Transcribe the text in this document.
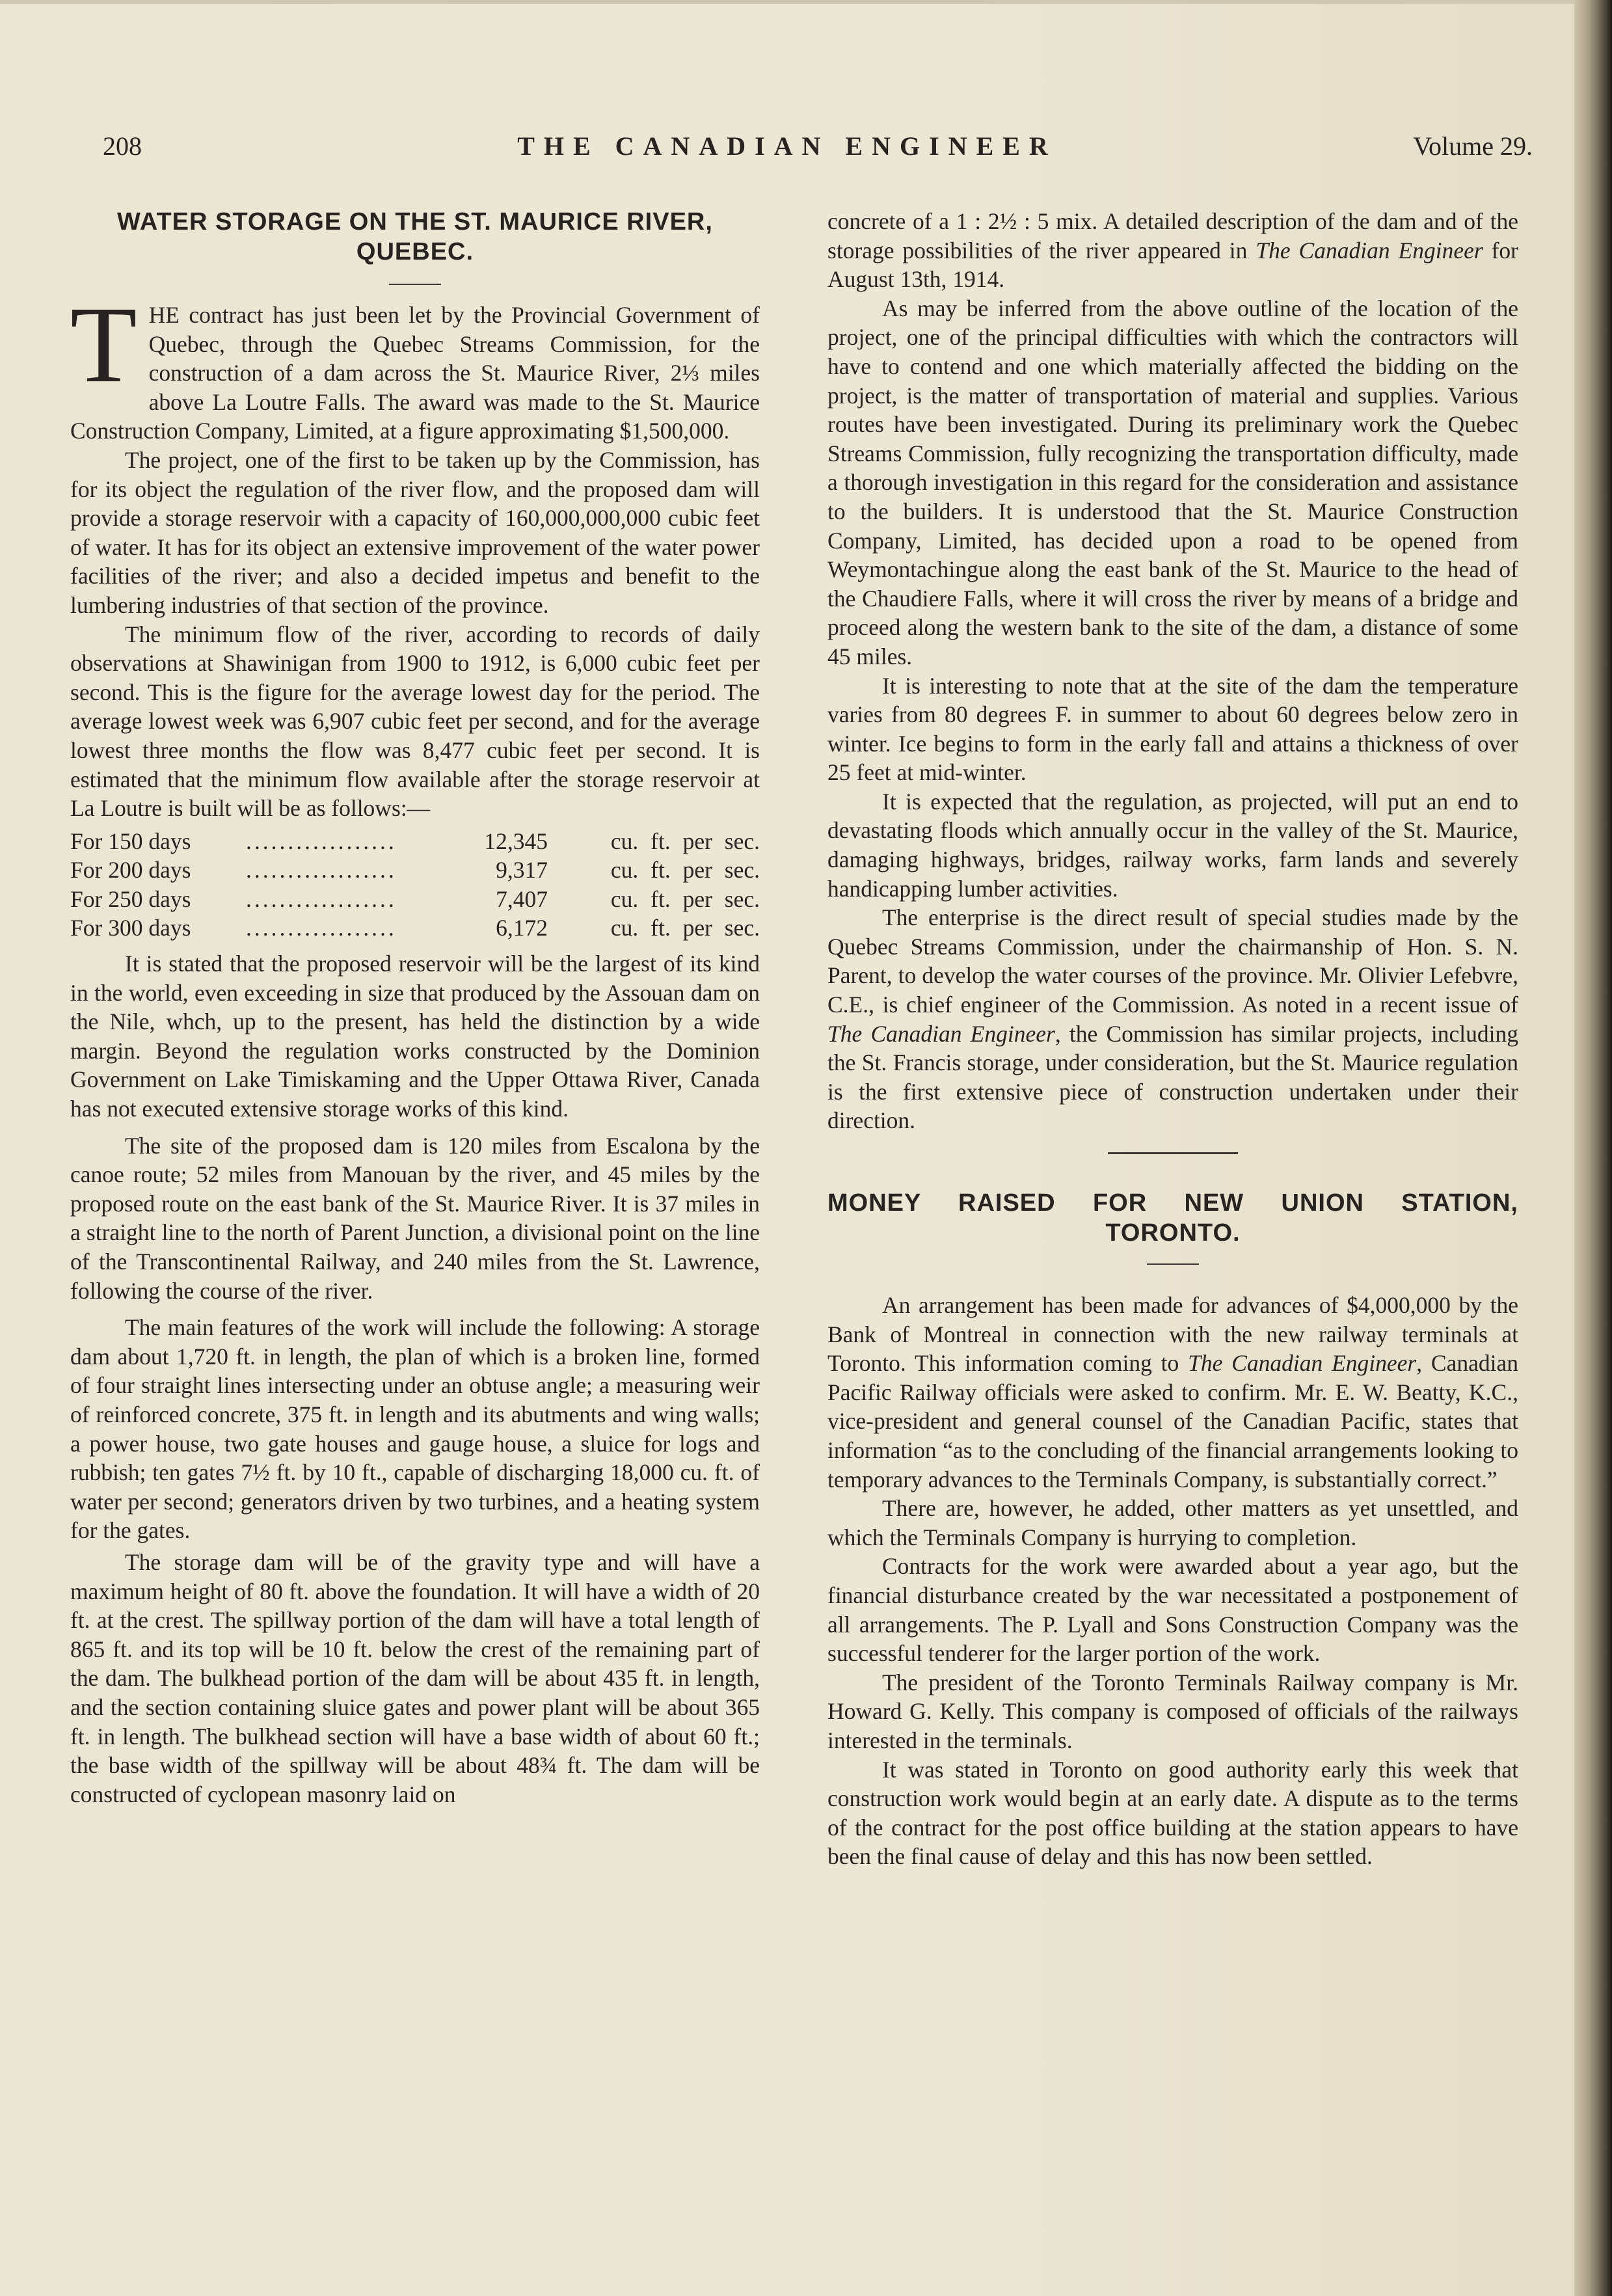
208	THE CANADIAN ENGINEER	Volume 29.
WATER STORAGE ON THE ST. MAURICE RIVER,
QUEBEC.

THE contract has just been let by the Provincial Government of Quebec, through the Quebec Streams Commission, for the construction of a dam across the St. Maurice River, 2⅓ miles above La Loutre Falls. The award was made to the St. Maurice Construction Company, Limited, at a figure approximating $1,500,000.

The project, one of the first to be taken up by the Commission, has for its object the regulation of the river flow, and the proposed dam will provide a storage reservoir with a capacity of 160,000,000,000 cubic feet of water. It has for its object an extensive improvement of the water power facilities of the river; and also a decided impetus and benefit to the lumbering industries of that section of the province.

The minimum flow of the river, according to records of daily observations at Shawinigan from 1900 to 1912, is 6,000 cubic feet per second. This is the figure for the average lowest day for the period. The average lowest week was 6,907 cubic feet per second, and for the average lowest three months the flow was 8,477 cubic feet per second. It is estimated that the minimum flow available after the storage reservoir at La Loutre is built will be as follows:—

For 150 days	..................	12,345	cu. ft. per sec.
For 200 days	..................	9,317	cu. ft. per sec.
For 250 days	..................	7,407	cu. ft. per sec.
For 300 days	..................	6,172	cu. ft. per sec.

It is stated that the proposed reservoir will be the largest of its kind in the world, even exceeding in size that produced by the Assouan dam on the Nile, whch, up to the present, has held the distinction by a wide margin. Beyond the regulation works constructed by the Dominion Government on Lake Timiskaming and the Upper Ottawa River, Canada has not executed extensive storage works of this kind.

The site of the proposed dam is 120 miles from Escalona by the canoe route; 52 miles from Manouan by the river, and 45 miles by the proposed route on the east bank of the St. Maurice River. It is 37 miles in a straight line to the north of Parent Junction, a divisional point on the line of the Transcontinental Railway, and 240 miles from the St. Lawrence, following the course of the river.

The main features of the work will include the following: A storage dam about 1,720 ft. in length, the plan of which is a broken line, formed of four straight lines intersecting under an obtuse angle; a measuring weir of reinforced concrete, 375 ft. in length and its abutments and wing walls; a power house, two gate houses and gauge house, a sluice for logs and rubbish; ten gates 7½ ft. by 10 ft., capable of discharging 18,000 cu. ft. of water per second; generators driven by two turbines, and a heating system for the gates.

The storage dam will be of the gravity type and will have a maximum height of 80 ft. above the foundation. It will have a width of 20 ft. at the crest. The spillway portion of the dam will have a total length of 865 ft. and its top will be 10 ft. below the crest of the remaining part of the dam. The bulkhead portion of the dam will be about 435 ft. in length, and the section containing sluice gates and power plant will be about 365 ft. in length. The bulkhead section will have a base width of about 60 ft.; the base width of the spillway will be about 48¾ ft. The dam will be constructed of cyclopean masonry laid on

concrete of a 1 : 2½ : 5 mix. A detailed description of the dam and of the storage possibilities of the river appeared in The Canadian Engineer for August 13th, 1914.

As may be inferred from the above outline of the location of the project, one of the principal difficulties with which the contractors will have to contend and one which materially affected the bidding on the project, is the matter of transportation of material and supplies. Various routes have been investigated. During its preliminary work the Quebec Streams Commission, fully recognizing the transportation difficulty, made a thorough investigation in this regard for the consideration and assistance to the builders. It is understood that the St. Maurice Construction Company, Limited, has decided upon a road to be opened from Weymontachingue along the east bank of the St. Maurice to the head of the Chaudiere Falls, where it will cross the river by means of a bridge and proceed along the western bank to the site of the dam, a distance of some 45 miles.

It is interesting to note that at the site of the dam the temperature varies from 80 degrees F. in summer to about 60 degrees below zero in winter. Ice begins to form in the early fall and attains a thickness of over 25 feet at mid-winter.

It is expected that the regulation, as projected, will put an end to devastating floods which annually occur in the valley of the St. Maurice, damaging highways, bridges, railway works, farm lands and severely handicapping lumber activities.

The enterprise is the direct result of special studies made by the Quebec Streams Commission, under the chairmanship of Hon. S. N. Parent, to develop the water courses of the province. Mr. Olivier Lefebvre, C.E., is chief engineer of the Commission. As noted in a recent issue of The Canadian Engineer, the Commission has similar projects, including the St. Francis storage, under consideration, but the St. Maurice regulation is the first extensive piece of construction undertaken under their direction.

MONEY RAISED FOR NEW UNION STATION,
TORONTO.

An arrangement has been made for advances of $4,000,000 by the Bank of Montreal in connection with the new railway terminals at Toronto. This information coming to The Canadian Engineer, Canadian Pacific Railway officials were asked to confirm. Mr. E. W. Beatty, K.C., vice-president and general counsel of the Canadian Pacific, states that information “as to the concluding of the financial arrangements looking to temporary advances to the Terminals Company, is substantially correct.”

There are, however, he added, other matters as yet unsettled, and which the Terminals Company is hurrying to completion.

Contracts for the work were awarded about a year ago, but the financial disturbance created by the war necessitated a postponement of all arrangements. The P. Lyall and Sons Construction Company was the successful tenderer for the larger portion of the work.

The president of the Toronto Terminals Railway company is Mr. Howard G. Kelly. This company is composed of officials of the railways interested in the terminals.

It was stated in Toronto on good authority early this week that construction work would begin at an early date. A dispute as to the terms of the contract for the post office building at the station appears to have been the final cause of delay and this has now been settled.
